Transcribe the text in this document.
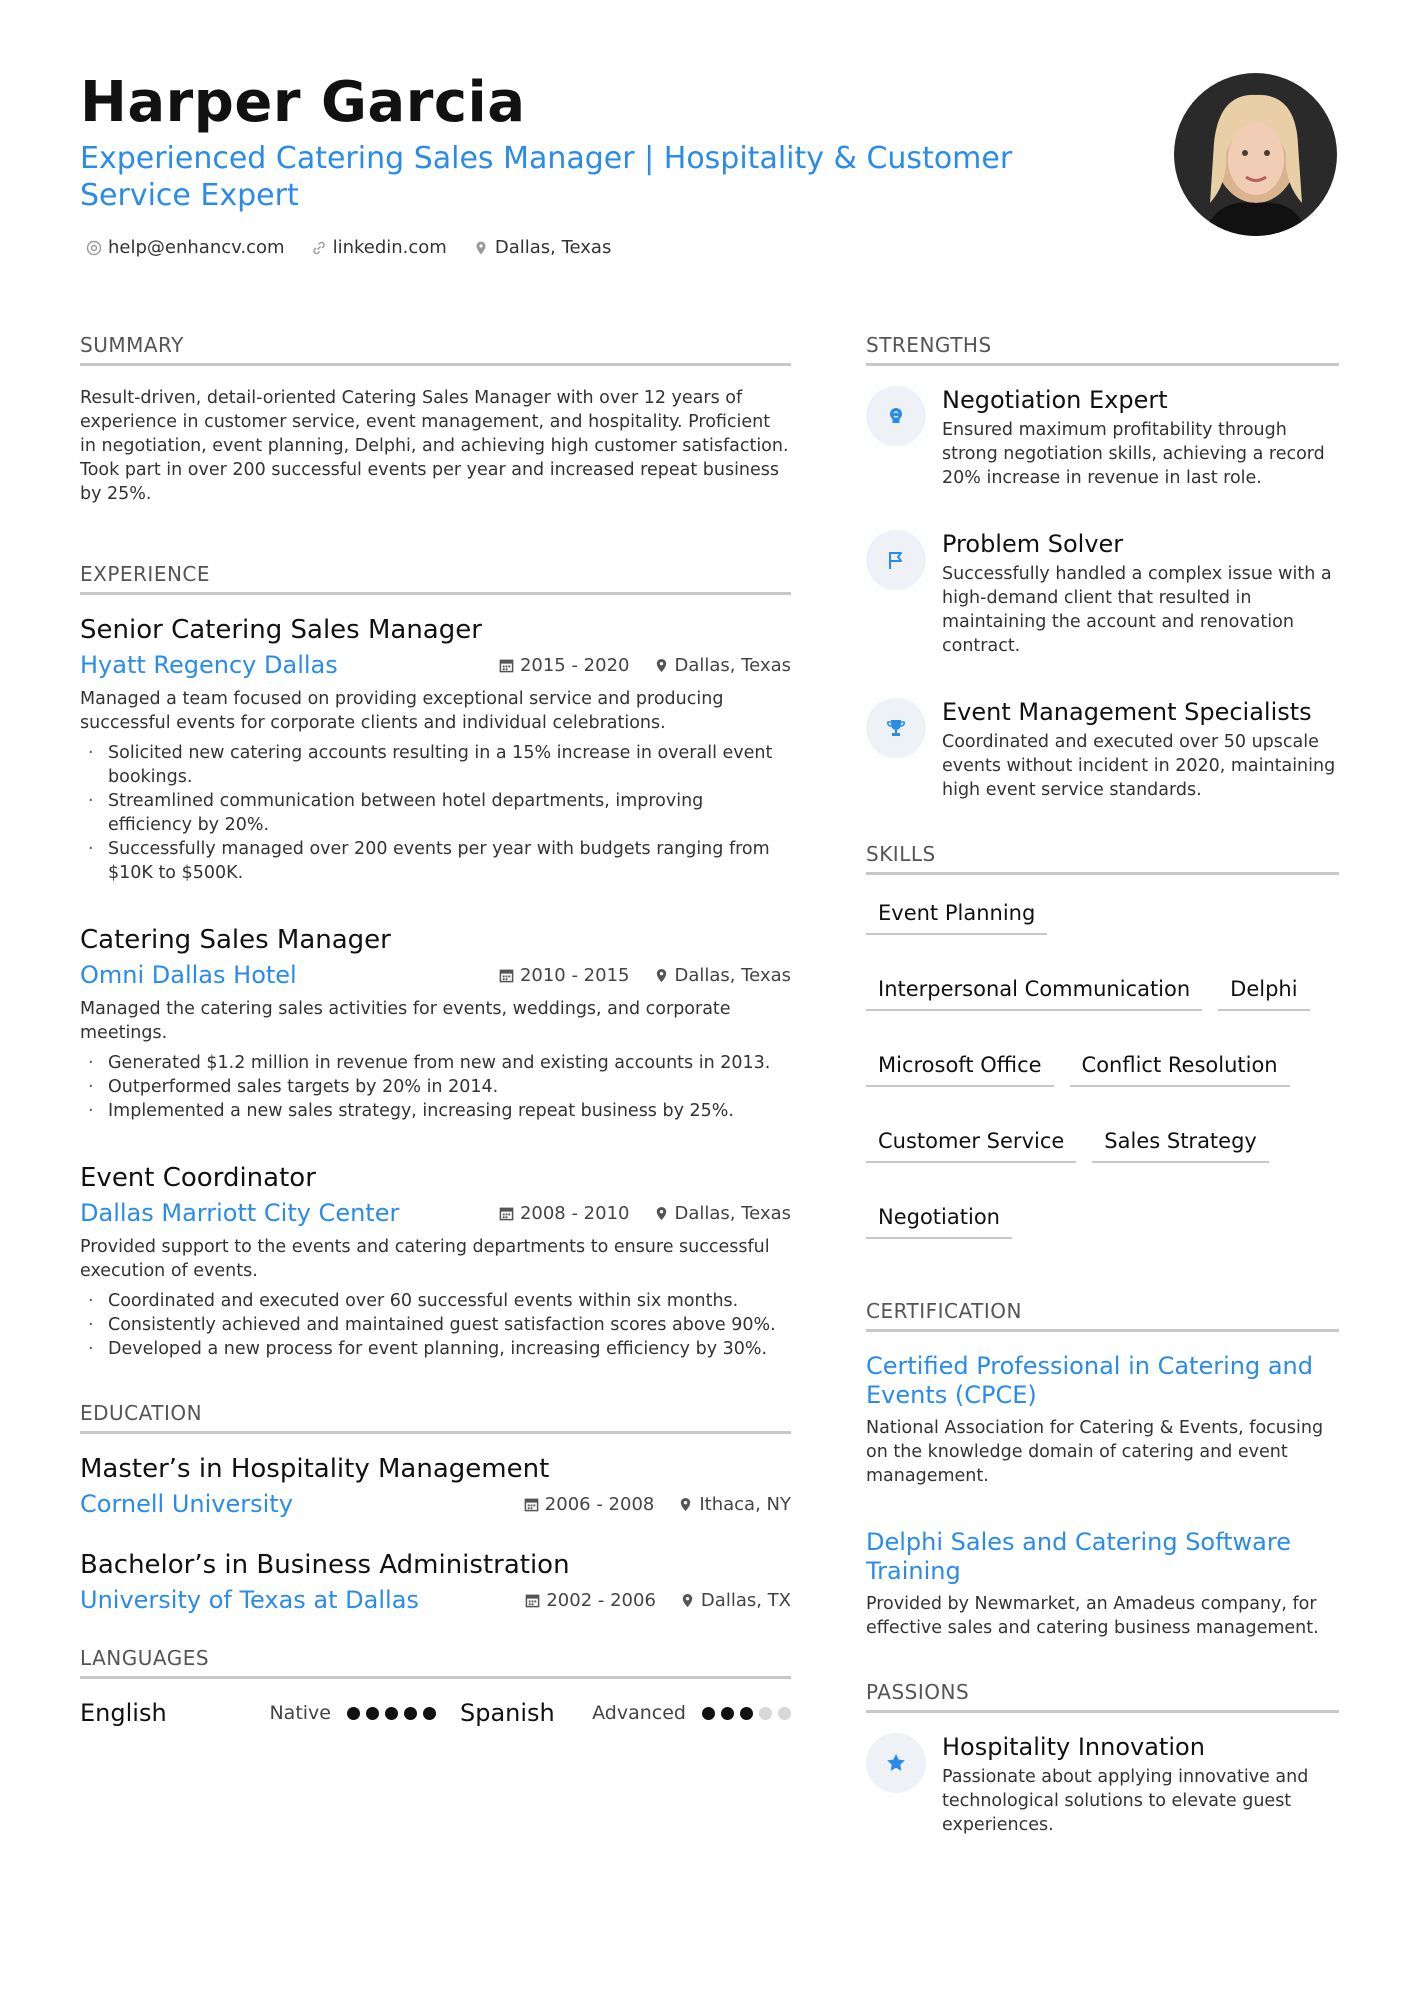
Harper Garcia
Experienced Catering Sales Manager | Hospitality & Customer Service Expert
help@enhancv.com	linkedin.com	Dallas, Texas
SUMMARY
Result-driven, detail-oriented Catering Sales Manager with over 12 years of experience in customer service, event management, and hospitality. Proficient in negotiation, event planning, Delphi, and achieving high customer satisfaction. Took part in over 200 successful events per year and increased repeat business by 25%.
EXPERIENCE
Senior Catering Sales Manager
Hyatt Regency Dallas	2015 - 2020	Dallas, Texas
Managed a team focused on providing exceptional service and producing successful events for corporate clients and individual celebrations.
· Solicited new catering accounts resulting in a 15% increase in overall event bookings.
· Streamlined communication between hotel departments, improving efficiency by 20%.
· Successfully managed over 200 events per year with budgets ranging from $10K to $500K.
Catering Sales Manager
Omni Dallas Hotel	2010 - 2015	Dallas, Texas
Managed the catering sales activities for events, weddings, and corporate meetings.
· Generated $1.2 million in revenue from new and existing accounts in 2013.
· Outperformed sales targets by 20% in 2014.
· Implemented a new sales strategy, increasing repeat business by 25%.
Event Coordinator
Dallas Marriott City Center	2008 - 2010	Dallas, Texas
Provided support to the events and catering departments to ensure successful execution of events.
· Coordinated and executed over 60 successful events within six months.
· Consistently achieved and maintained guest satisfaction scores above 90%.
· Developed a new process for event planning, increasing efficiency by 30%.
EDUCATION
Master’s in Hospitality Management
Cornell University	2006 - 2008	Ithaca, NY
Bachelor’s in Business Administration
University of Texas at Dallas	2002 - 2006	Dallas, TX
LANGUAGES
English	Native	Spanish	Advanced
STRENGTHS
Negotiation Expert
Ensured maximum profitability through strong negotiation skills, achieving a record 20% increase in revenue in last role.
Problem Solver
Successfully handled a complex issue with a high-demand client that resulted in maintaining the account and renovation contract.
Event Management Specialists
Coordinated and executed over 50 upscale events without incident in 2020, maintaining high event service standards.
SKILLS
Event Planning
Interpersonal Communication	Delphi
Microsoft Office	Conflict Resolution
Customer Service	Sales Strategy
Negotiation
CERTIFICATION
Certified Professional in Catering and Events (CPCE)
National Association for Catering & Events, focusing on the knowledge domain of catering and event management.
Delphi Sales and Catering Software Training
Provided by Newmarket, an Amadeus company, for effective sales and catering business management.
PASSIONS
Hospitality Innovation
Passionate about applying innovative and technological solutions to elevate guest experiences.
